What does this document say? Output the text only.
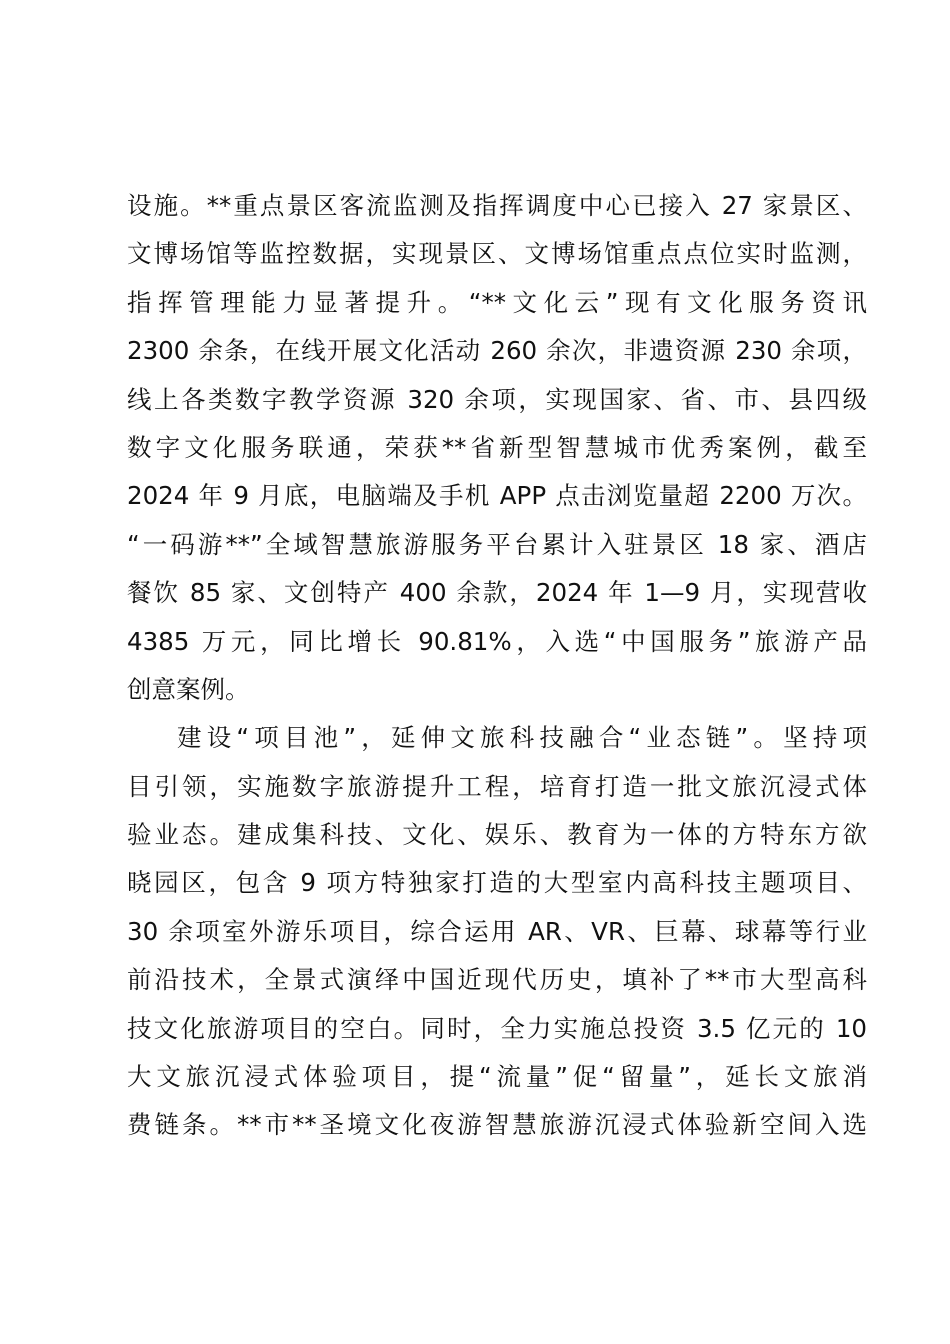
设施。**重点景区客流监测及指挥调度中心已接入 27 家景区、
文博场馆等监控数据，实现景区、文博场馆重点点位实时监测，
指挥管理能力显著提升。“**文化云”现有文化服务资讯
2300 余条，在线开展文化活动 260 余次，非遗资源 230 余项，
线上各类数字教学资源 320 余项，实现国家、省、市、县四级
数字文化服务联通，荣获**省新型智慧城市优秀案例，截至
2024 年 9 月底，电脑端及手机 APP 点击浏览量超 2200 万次。
“一码游**”全域智慧旅游服务平台累计入驻景区 18 家、酒店
餐饮 85 家、文创特产 400 余款，2024 年 1—9 月，实现营收
4385 万元，同比增长 90.81%，入选“中国服务”旅游产品
创意案例。
建设“项目池”，延伸文旅科技融合“业态链”。坚持项
目引领，实施数字旅游提升工程，培育打造一批文旅沉浸式体
验业态。建成集科技、文化、娱乐、教育为一体的方特东方欲
晓园区，包含 9 项方特独家打造的大型室内高科技主题项目、
30 余项室外游乐项目，综合运用 AR、VR、巨幕、球幕等行业
前沿技术，全景式演绎中国近现代历史，填补了**市大型高科
技文化旅游项目的空白。同时，全力实施总投资 3.5 亿元的 10
大文旅沉浸式体验项目，提“流量”促“留量”，延长文旅消
费链条。**市**圣境文化夜游智慧旅游沉浸式体验新空间入选
